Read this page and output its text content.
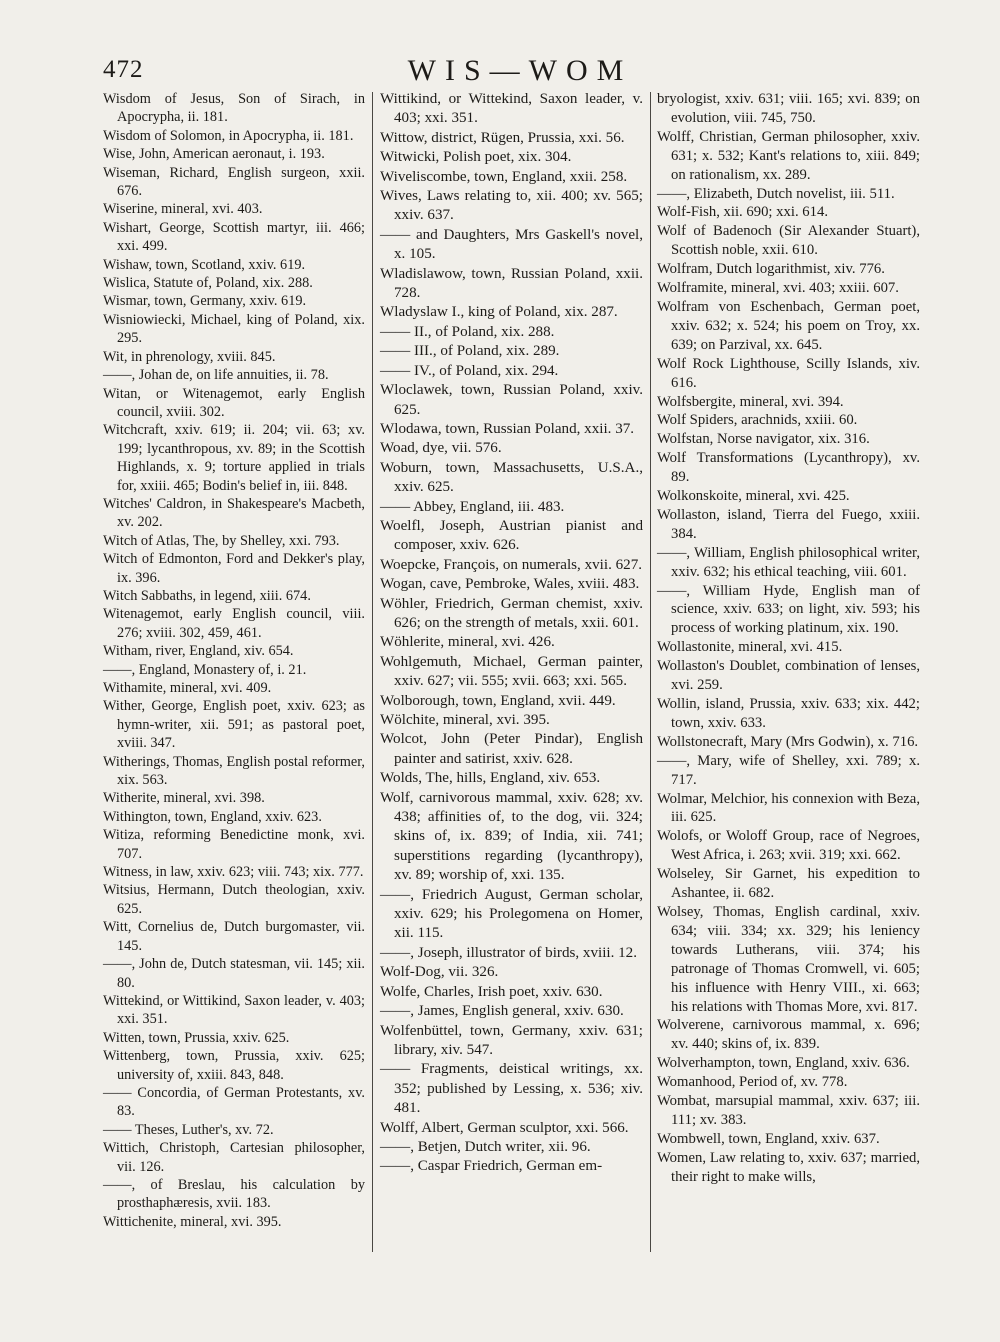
472	WIS—WOM

Wisdom of Jesus, Son of Sirach, in Apocrypha, ii. 181.

Wisdom of Solomon, in Apocrypha, ii. 181.

Wise, John, American aeronaut, i. 193.

Wiseman, Richard, English surgeon, xxii. 676.

Wiserine, mineral, xvi. 403.

Wishart, George, Scottish martyr, iii. 466; xxi. 499.

Wishaw, town, Scotland, xxiv. 619.

Wislica, Statute of, Poland, xix. 288.

Wismar, town, Germany, xxiv. 619.

Wisniowiecki, Michael, king of Poland, xix. 295.

Wit, in phrenology, xviii. 845.

——, Johan de, on life annuities, ii. 78.

Witan, or Witenagemot, early English council, xviii. 302.

Witchcraft, xxiv. 619; ii. 204; vii. 63; xv. 199; lycanthropous, xv. 89; in the Scottish Highlands, x. 9; torture applied in trials for, xxiii. 465; Bodin's belief in, iii. 848.

Witches' Caldron, in Shakespeare's Macbeth, xv. 202.

Witch of Atlas, The, by Shelley, xxi. 793.

Witch of Edmonton, Ford and Dekker's play, ix. 396.

Witch Sabbaths, in legend, xiii. 674.

Witenagemot, early English council, viii. 276; xviii. 302, 459, 461.

Witham, river, England, xiv. 654.

——, England, Monastery of, i. 21.

Withamite, mineral, xvi. 409.

Wither, George, English poet, xxiv. 623; as hymn-writer, xii. 591; as pastoral poet, xviii. 347.

Witherings, Thomas, English postal reformer, xix. 563.

Witherite, mineral, xvi. 398.

Withington, town, England, xxiv. 623.

Witiza, reforming Benedictine monk, xvi. 707.

Witness, in law, xxiv. 623; viii. 743; xix. 777.

Witsius, Hermann, Dutch theologian, xxiv. 625.

Witt, Cornelius de, Dutch burgomaster, vii. 145.

——, John de, Dutch statesman, vii. 145; xii. 80.

Wittekind, or Wittikind, Saxon leader, v. 403; xxi. 351.

Witten, town, Prussia, xxiv. 625.

Wittenberg, town, Prussia, xxiv. 625; university of, xxiii. 843, 848.

—— Concordia, of German Protestants, xv. 83.

—— Theses, Luther's, xv. 72.

Wittich, Christoph, Cartesian philosopher, vii. 126.

——, of Breslau, his calculation by prosthaphæresis, xvii. 183.

Wittichenite, mineral, xvi. 395.

Wittikind, or Wittekind, Saxon leader, v. 403; xxi. 351.

Wittow, district, Rügen, Prussia, xxi. 56.

Witwicki, Polish poet, xix. 304.

Wiveliscombe, town, England, xxii. 258.

Wives, Laws relating to, xii. 400; xv. 565; xxiv. 637.

—— and Daughters, Mrs Gaskell's novel, x. 105.

Wladislawow, town, Russian Poland, xxii. 728.

Wladyslaw I., king of Poland, xix. 287.

—— II., of Poland, xix. 288.

—— III., of Poland, xix. 289.

—— IV., of Poland, xix. 294.

Wloclawek, town, Russian Poland, xxiv. 625.

Wlodawa, town, Russian Poland, xxii. 37.

Woad, dye, vii. 576.

Woburn, town, Massachusetts, U.S.A., xxiv. 625.

—— Abbey, England, iii. 483.

Woelfl, Joseph, Austrian pianist and composer, xxiv. 626.

Woepcke, François, on numerals, xvii. 627.

Wogan, cave, Pembroke, Wales, xviii. 483.

Wöhler, Friedrich, German chemist, xxiv. 626; on the strength of metals, xxii. 601.

Wöhlerite, mineral, xvi. 426.

Wohlgemuth, Michael, German painter, xxiv. 627; vii. 555; xvii. 663; xxi. 565.

Wolborough, town, England, xvii. 449.

Wölchite, mineral, xvi. 395.

Wolcot, John (Peter Pindar), English painter and satirist, xxiv. 628.

Wolds, The, hills, England, xiv. 653.

Wolf, carnivorous mammal, xxiv. 628; xv. 438; affinities of, to the dog, vii. 324; skins of, ix. 839; of India, xii. 741; superstitions regarding (lycanthropy), xv. 89; worship of, xxi. 135.

——, Friedrich August, German scholar, xxiv. 629; his Prolegomena on Homer, xii. 115.

——, Joseph, illustrator of birds, xviii. 12.

Wolf-Dog, vii. 326.

Wolfe, Charles, Irish poet, xxiv. 630.

——, James, English general, xxiv. 630.

Wolfenbüttel, town, Germany, xxiv. 631; library, xiv. 547.

—— Fragments, deistical writings, xx. 352; published by Lessing, x. 536; xiv. 481.

Wolff, Albert, German sculptor, xxi. 566.

——, Betjen, Dutch writer, xii. 96.

——, Caspar Friedrich, German em-

bryologist, xxiv. 631; viii. 165; xvi. 839; on evolution, viii. 745, 750.

Wolff, Christian, German philosopher, xxiv. 631; x. 532; Kant's relations to, xiii. 849; on rationalism, xx. 289.

——, Elizabeth, Dutch novelist, iii. 511.

Wolf-Fish, xii. 690; xxi. 614.

Wolf of Badenoch (Sir Alexander Stuart), Scottish noble, xxii. 610.

Wolfram, Dutch logarithmist, xiv. 776.

Wolframite, mineral, xvi. 403; xxiii. 607.

Wolfram von Eschenbach, German poet, xxiv. 632; x. 524; his poem on Troy, xx. 639; on Parzival, xx. 645.

Wolf Rock Lighthouse, Scilly Islands, xiv. 616.

Wolfsbergite, mineral, xvi. 394.

Wolf Spiders, arachnids, xxiii. 60.

Wolfstan, Norse navigator, xix. 316.

Wolf Transformations (Lycanthropy), xv. 89.

Wolkonskoite, mineral, xvi. 425.

Wollaston, island, Tierra del Fuego, xxiii. 384.

——, William, English philosophical writer, xxiv. 632; his ethical teaching, viii. 601.

——, William Hyde, English man of science, xxiv. 633; on light, xiv. 593; his process of working platinum, xix. 190.

Wollastonite, mineral, xvi. 415.

Wollaston's Doublet, combination of lenses, xvi. 259.

Wollin, island, Prussia, xxiv. 633; xix. 442; town, xxiv. 633.

Wollstonecraft, Mary (Mrs Godwin), x. 716.

——, Mary, wife of Shelley, xxi. 789; x. 717.

Wolmar, Melchior, his connexion with Beza, iii. 625.

Wolofs, or Woloff Group, race of Negroes, West Africa, i. 263; xvii. 319; xxi. 662.

Wolseley, Sir Garnet, his expedition to Ashantee, ii. 682.

Wolsey, Thomas, English cardinal, xxiv. 634; viii. 334; xx. 329; his leniency towards Lutherans, viii. 374; his patronage of Thomas Cromwell, vi. 605; his influence with Henry VIII., xi. 663; his relations with Thomas More, xvi. 817.

Wolverene, carnivorous mammal, x. 696; xv. 440; skins of, ix. 839.

Wolverhampton, town, England, xxiv. 636.

Womanhood, Period of, xv. 778.

Wombat, marsupial mammal, xxiv. 637; iii. 111; xv. 383.

Wombwell, town, England, xxiv. 637.

Women, Law relating to, xxiv. 637; married, their right to make wills,
